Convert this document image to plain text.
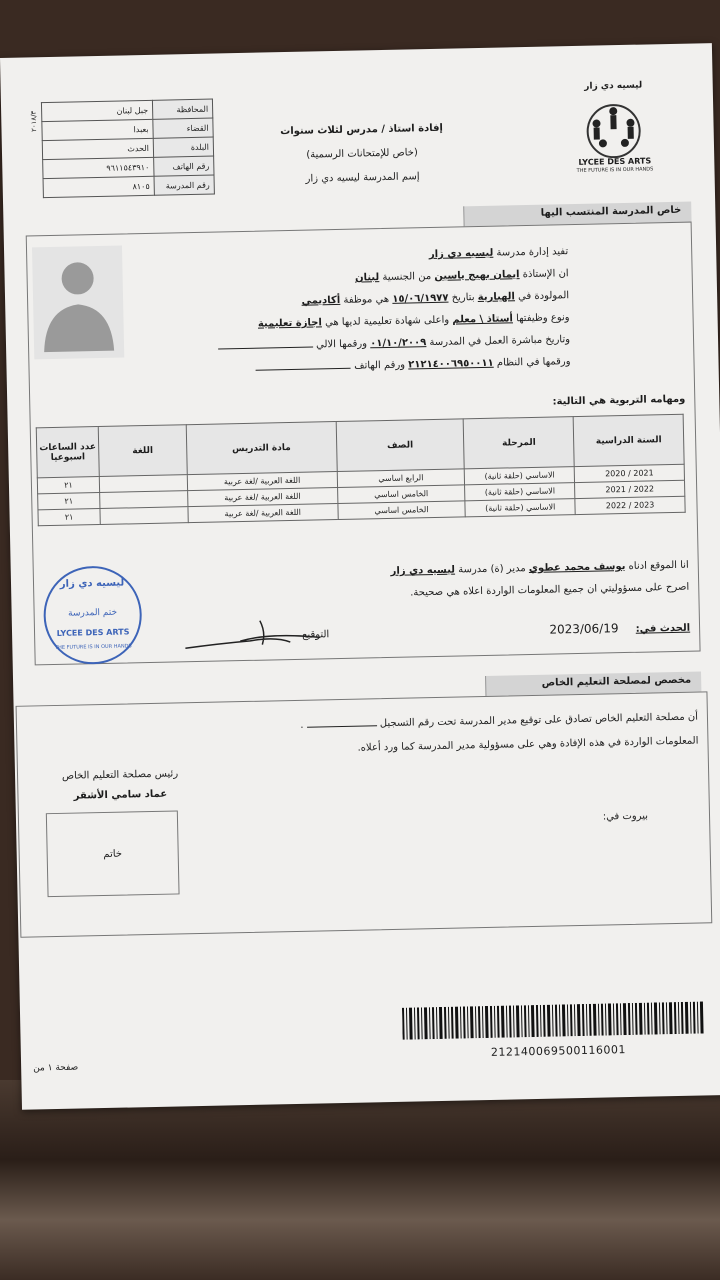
المحافظة	جبل لبنان
القضاء	بعبدا
البلدة	الحدث
رقم الهاتف	٩٦١١٥٤٣٩١٠
رقم المدرسة	٨١٠٥
٢٠١٨/٣	إفادة استاذ / مدرس لثلاث سنوات
(خاص للإمتحانات الرسمية)
إسم المدرسة ليسيه دي زار
ليسيه دي زار
LYCEE DES ARTS
THE FUTURE IS IN OUR HANDS
خاص المدرسة المنتسب اليها
تفيد إدارة مدرسة ليسيه دي زار
ان الإستاذة ايمان بهيج ياسين من الجنسية لبنان
المولودة في الهبارية بتاريخ ١٥/٠٦/١٩٧٧ هي موظفة أكاديمي
ونوع وظيفتها أستاذ \ معلم واعلى شهادة تعليمية لديها هي اجازة تعليمية
وتاريخ مباشرة العمل في المدرسة ٠١/١٠/٢٠٠٩ ورقمها الالي
ورقمها في النظام ٢١٢١٤٠٠٦٩٥٠٠١١ ورقم الهاتف
ومهامه التربوية هي التالية:
السنة الدراسية	المرحلة	الصف	مادة التدريس	اللغة	عدد الساعات اسبوعيا
2021 / 2020	الاساسي (حلقة ثانية)	الرابع اساسي	اللغة العربية /لغة عربية		٢١
2022 / 2021	الاساسي (حلقة ثانية)	الخامس اساسي	اللغة العربية /لغة عربية		٢١
2023 / 2022	الاساسي (حلقة ثانية)	الخامس اساسي	اللغة العربية /لغة عربية		٢١
انا الموقع ادناه يوسف محمد عطوي مدير (ة) مدرسة ليسيه دي زار
اصرح على مسؤوليتي ان جميع المعلومات الواردة اعلاه هي صحيحة.
الحدث في: 2023/06/19
التوقيع
ليسيه دي زار
ختم المدرسة
LYCEE DES ARTS
THE FUTURE IS IN OUR HANDS
مخصص لمصلحة التعليم الخاص
أن مصلحة التعليم الخاص تصادق على توقيع مدير المدرسة تحت رقم التسجيل  .
المعلومات الواردة في هذه الإفادة وهي على مسؤولية مدير المدرسة كما ورد أعلاه.
رئيس مصلحة التعليم الخاص
عماد سامي الأشقر
خاتم
بيروت في:
212140069500116001
صفحة ١ من
